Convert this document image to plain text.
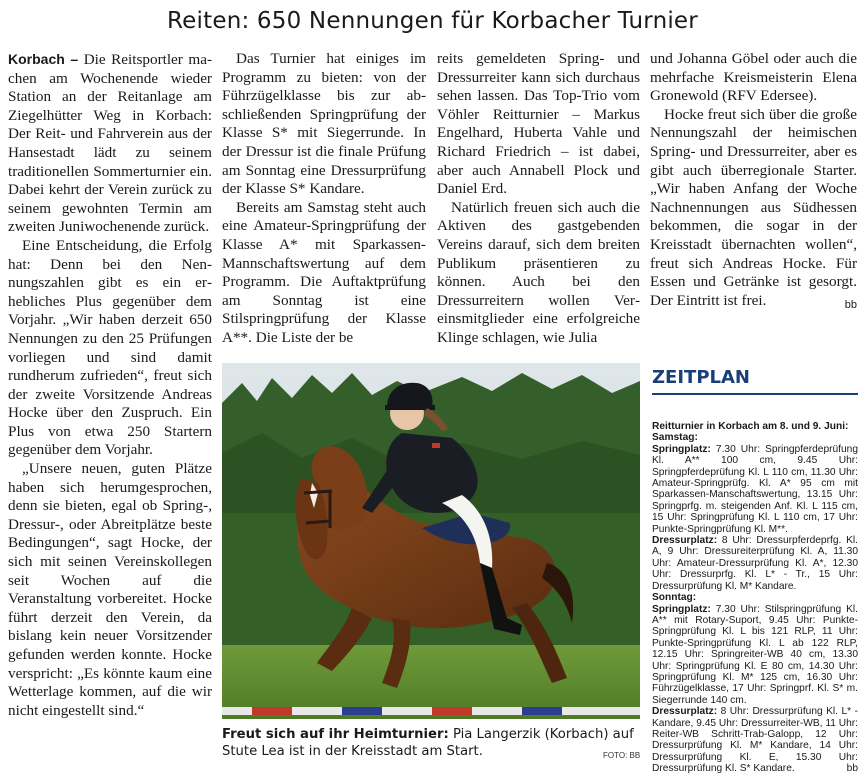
Reiten: 650 Nennungen für Korbacher Turnier

Korbach – Die Reitsportler machen am Wochenende wieder Station an der Reitanlage am Ziegelhütter Weg in Korbach: Der Reit- und Fahrverein aus der Hansestadt lädt zu seinem traditionellen Sommerturnier ein. Dabei kehrt der Verein zurück zu seinem gewohnten Termin am zweiten Juniwochenende zurück.

Eine Entscheidung, die Erfolg hat: Denn bei den Nennungszahlen gibt es ein erhebliches Plus gegenüber dem Vorjahr. „Wir haben derzeit 650 Nennungen zu den 25 Prüfungen vorliegen und sind damit rundherum zufrieden“, freut sich der zweite Vorsitzende Andreas Hocke über den Zuspruch. Ein Plus von etwa 250 Startern gegenüber dem Vorjahr.

„Unsere neuen, guten Plätze haben sich herumgesprochen, denn sie bieten, egal ob Spring-, Dressur-, oder Abreitplätze beste Bedingungen“, sagt Hocke, der sich mit seinen Vereinskollegen seit Wochen auf die Veranstaltung vorbereitet. Hocke führt derzeit den Verein, da bislang kein neuer Vorsitzender gefunden werden konnte. Hocke verspricht: „Es könnte kaum eine Wetterlage kommen, auf die wir nicht eingestellt sind.“

Das Turnier hat einiges im Programm zu bieten: von der Führzügelklasse bis zur abschließenden Springprüfung der Klasse S* mit Siegerrunde. In der Dressur ist die finale Prüfung am Sonntag eine Dressurprüfung der Klasse S* Kandare.

Bereits am Samstag steht auch eine Amateur-Springprüfung der Klasse A* mit Sparkassen-Mannschaftswertung auf dem Programm. Die Auftaktprüfung am Sonntag ist eine Stilspringprüfung der Klasse A**. Die Liste der be

reits gemeldeten Spring- und Dressurreiter kann sich durchaus sehen lassen. Das Top-Trio vom Vöhler Reitturnier – Markus Engelhard, Huberta Vahle und Richard Friedrich – ist dabei, aber auch Annabell Plock und Daniel Erd.

Natürlich freuen sich auch die Aktiven des gastgebenden Vereins darauf, sich dem breiten Publikum präsentieren zu können. Auch bei den Dressurreitern wollen Vereinsmitglieder eine erfolgreiche Klinge schlagen, wie Julia

und Johanna Göbel oder auch die mehrfache Kreismeisterin Elena Gronewold (RFV Edersee).

Hocke freut sich über die große Nennungszahl der heimischen Spring- und Dressurreiter, aber es gibt auch überregionale Starter. „Wir haben Anfang der Woche Nachnennungen aus Südhessen bekommen, die sogar in der Kreisstadt übernachten wollen“, freut sich Andreas Hocke. Für Essen und Getränke ist gesorgt. Der Eintritt ist frei.	bb

Freut sich auf ihr Heimturnier: Pia Langerzik (Korbach) auf Stute Lea ist in der Kreisstadt am Start.	FOTO: BB
ZEITPLAN
Reitturnier in Korbach am 8. und 9. Juni:
Samstag:
Springplatz: 7.30 Uhr: Springpferdeprüfung Kl. A** 100 cm, 9.45 Uhr: Springpferdeprüfung Kl. L 110 cm, 11.30 Uhr: Amateur-Springprüfg. Kl. A* 95 cm mit Sparkassen-Manschaftswertung, 13.15 Uhr: Springprfg. m. steigenden Anf. Kl. L 115 cm, 15 Uhr: Springprüfung Kl. L 110 cm, 17 Uhr: Punkte-Springprüfung Kl. M**.
Dressurplatz: 8 Uhr: Dressurpferdeprfg. Kl. A, 9 Uhr: Dressureiterprüfung Kl. A, 11.30 Uhr: Amateur-Dressurprüfung Kl. A*, 12.30 Uhr: Dressurprfg. Kl. L* - Tr., 15 Uhr: Dressurprüfung Kl. M* Kandare.
Sonntag:
Springplatz: 7.30 Uhr: Stilspringprüfung Kl. A** mit Rotary-Suport, 9.45 Uhr: Punkte-Springprüfung Kl. L bis 121 RLP, 11 Uhr: Punkte-Springprüfung Kl. L ab 122 RLP, 12.15 Uhr: Springreiter-WB 40 cm, 13.30 Uhr: Springprüfung Kl. E 80 cm, 14.30 Uhr: Springprüfung Kl. M* 125 cm, 16.30 Uhr: Führzügelklasse, 17 Uhr: Springprf. Kl. S* m. Siegerrunde 140 cm.
Dressurplatz: 8 Uhr: Dressurprüfung Kl. L* - Kandare, 9.45 Uhr: Dressurreiter-WB, 11 Uhr: Reiter-WB Schritt-Trab-Galopp, 12 Uhr: Dressurprüfung Kl. M* Kandare, 14 Uhr: Dressurprüfung Kl. E, 15.30 Uhr: Dressurprüfung Kl. S* Kandare.	bb
